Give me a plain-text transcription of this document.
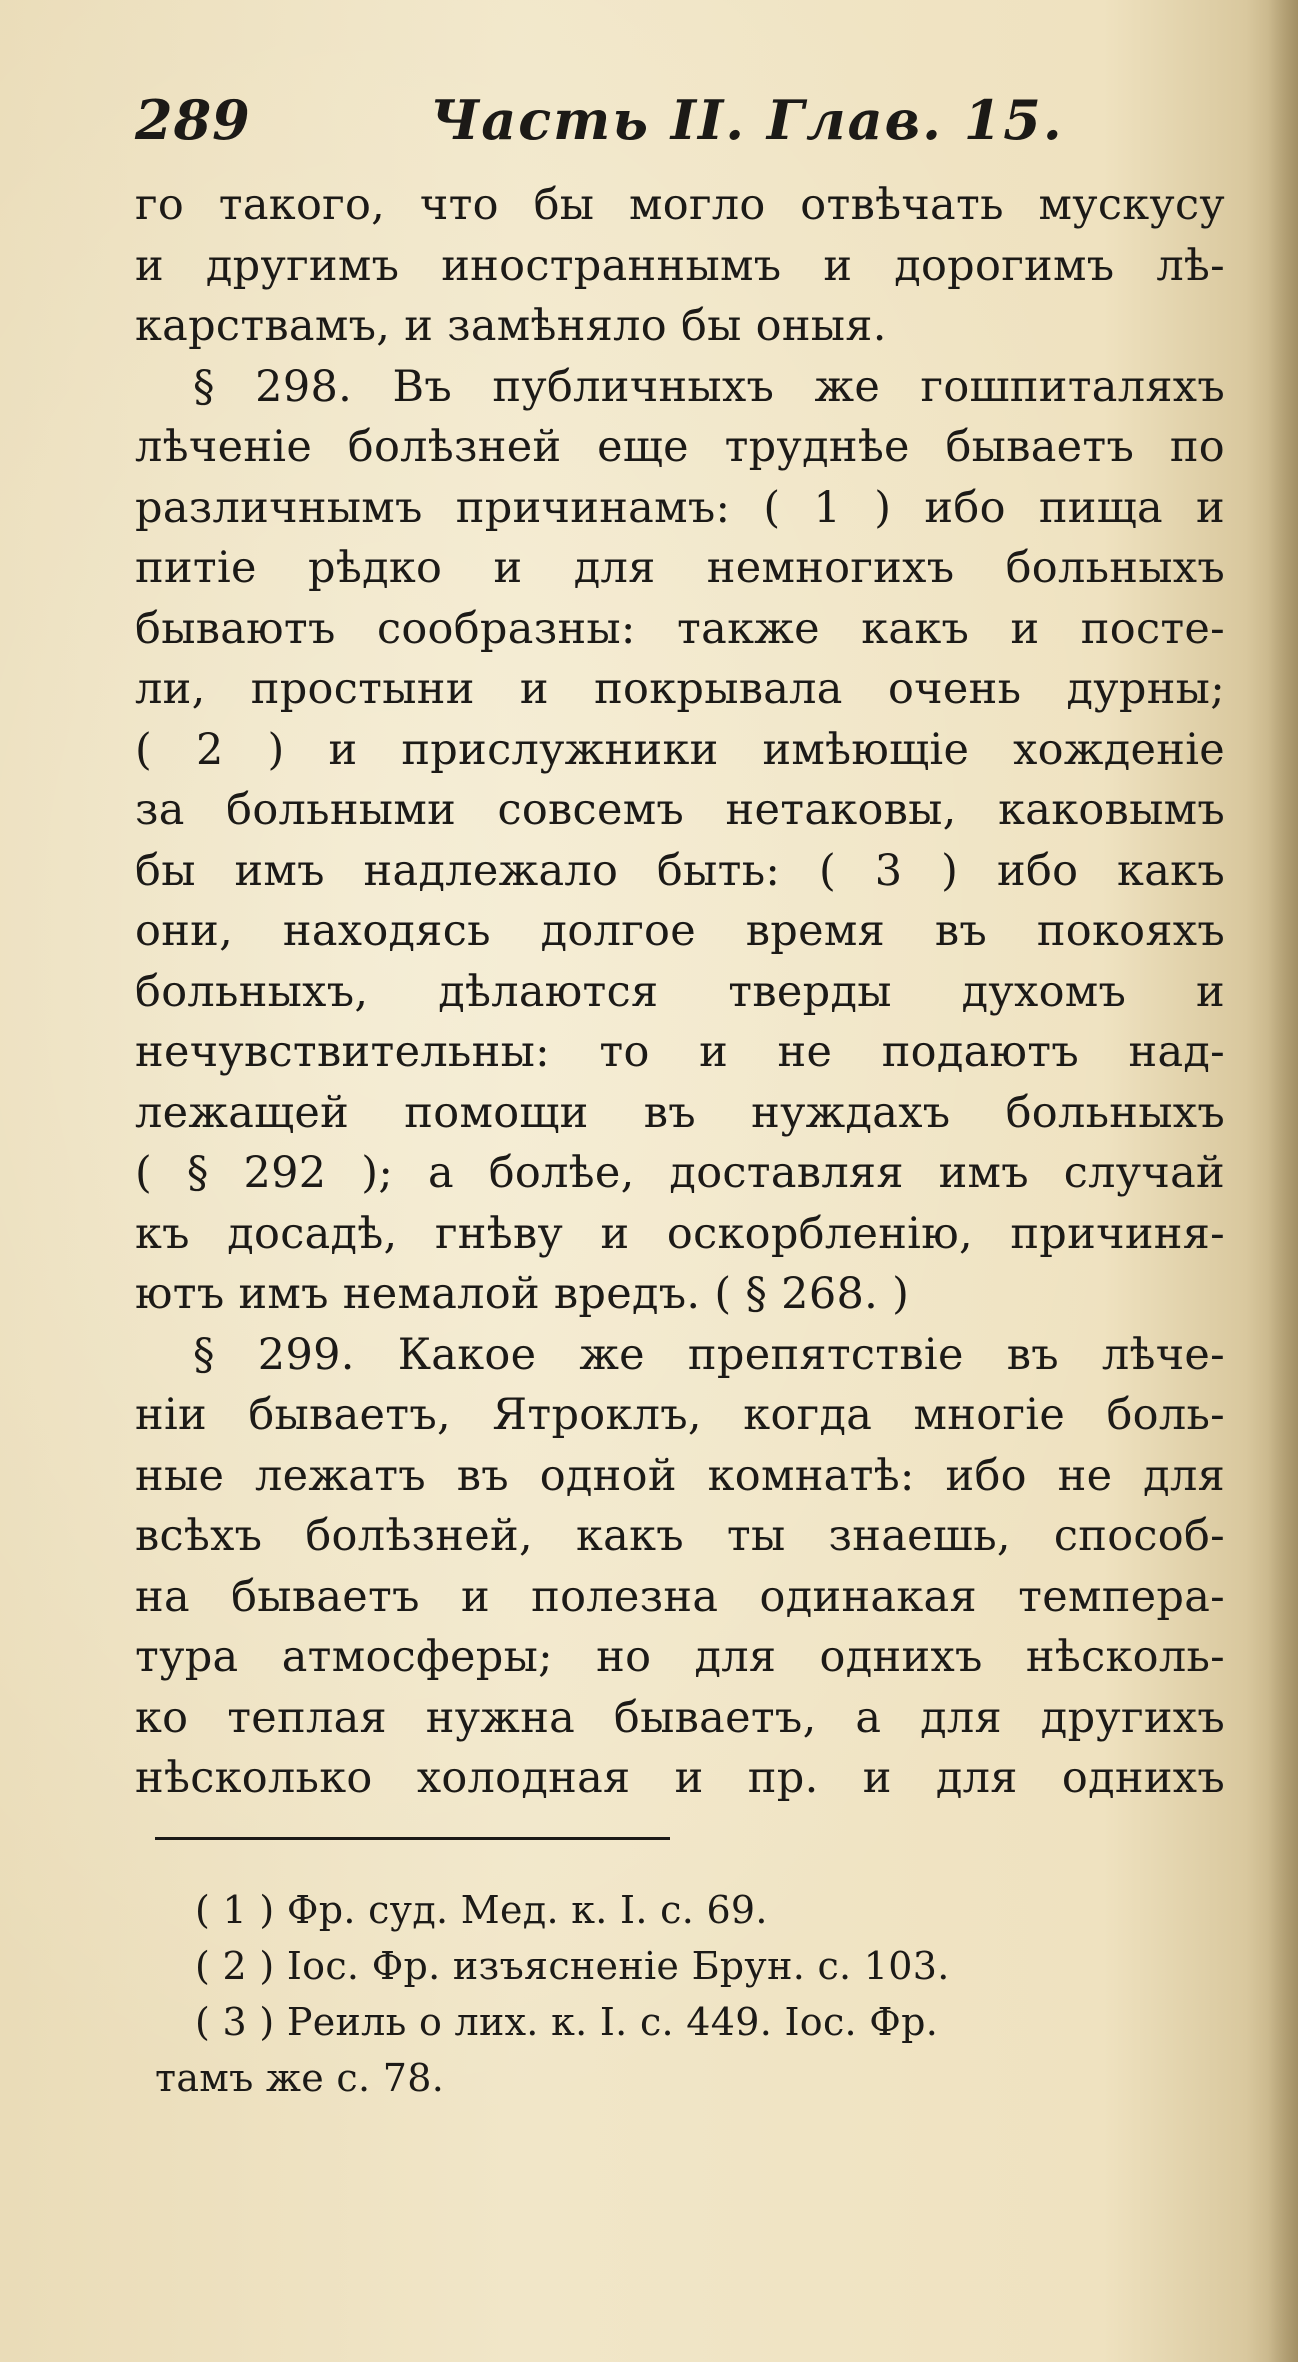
289	Часть II. Глав. 15.
го такого, что бы могло отвѣчать мускусу
и другимъ иностраннымъ и дорогимъ лѣ-
карствамъ, и замѣняло бы оныя.
§ 298. Въ публичныхъ же гошпиталяхъ
лѣченіе болѣзней еще труднѣе бываетъ по
различнымъ причинамъ: ( 1 ) ибо пища и
питіе рѣдко и для немногихъ больныхъ
бываютъ сообразны: также какъ и посте-
ли, простыни и покрывала очень дурны;
( 2 ) и прислужники имѣющіе хожденіе
за больными совсемъ нетаковы, каковымъ
бы имъ надлежало быть: ( 3 ) ибо какъ
они, находясь долгое время въ покояхъ
больныхъ, дѣлаются тверды духомъ и
нечувствительны: то и не подаютъ над-
лежащей помощи въ нуждахъ больныхъ
( § 292 ); а болѣе, доставляя имъ случай
къ досадѣ, гнѣву и оскорбленію, причиня-
ютъ имъ немалой вредъ. ( § 268. )
§ 299. Какое же препятствіе въ лѣче-
ніи бываетъ, Ятроклъ, когда многіе боль-
ные лежатъ въ одной комнатѣ: ибо не для
всѣхъ болѣзней, какъ ты знаешь, способ-
на бываетъ и полезна одинакая темпера-
тура атмосферы; но для однихъ нѣсколь-
ко теплая нужна бываетъ, а для другихъ
нѣсколько холодная и пр. и для однихъ
( 1 ) Фр. суд. Мед. к. I. с. 69.
( 2 ) Іос. Фр. изъясненіе Брун. с. 103.
( 3 ) Реиль о лих. к. I. с. 449. Іос. Фр.
тамъ же с. 78.
